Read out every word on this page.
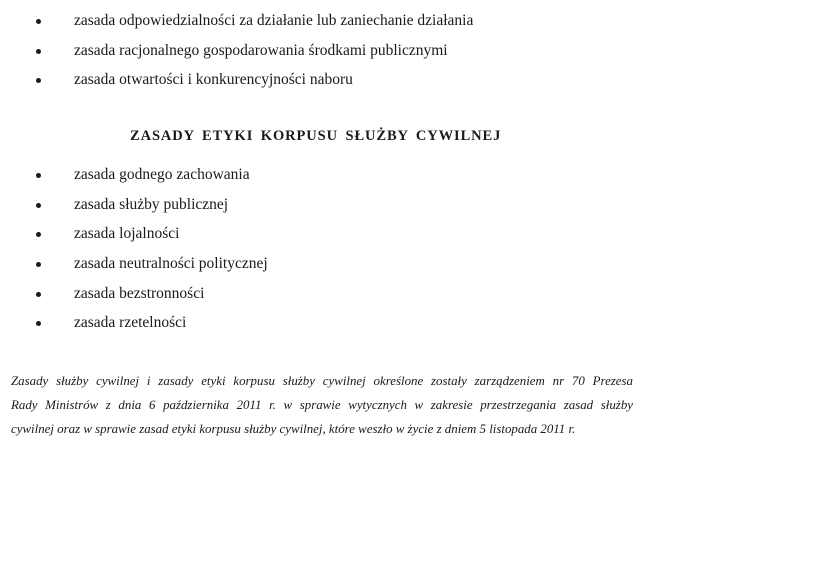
zasada odpowiedzialności za działanie lub zaniechanie działania
zasada racjonalnego gospodarowania środkami publicznymi
zasada otwartości i konkurencyjności naboru
ZASADY ETYKI KORPUSU SŁUŻBY CYWILNEJ
zasada godnego zachowania
zasada służby publicznej
zasada lojalności
zasada neutralności politycznej
zasada bezstronności
zasada rzetelności

Zasady służby cywilnej i zasady etyki korpusu służby cywilnej określone zostały zarządzeniem nr 70 Prezesa
Rady Ministrów z dnia 6 października 2011 r. w sprawie wytycznych w zakresie przestrzegania zasad służby
cywilnej oraz w sprawie zasad etyki korpusu służby cywilnej, które weszło w życie z dniem 5 listopada 2011 r.
